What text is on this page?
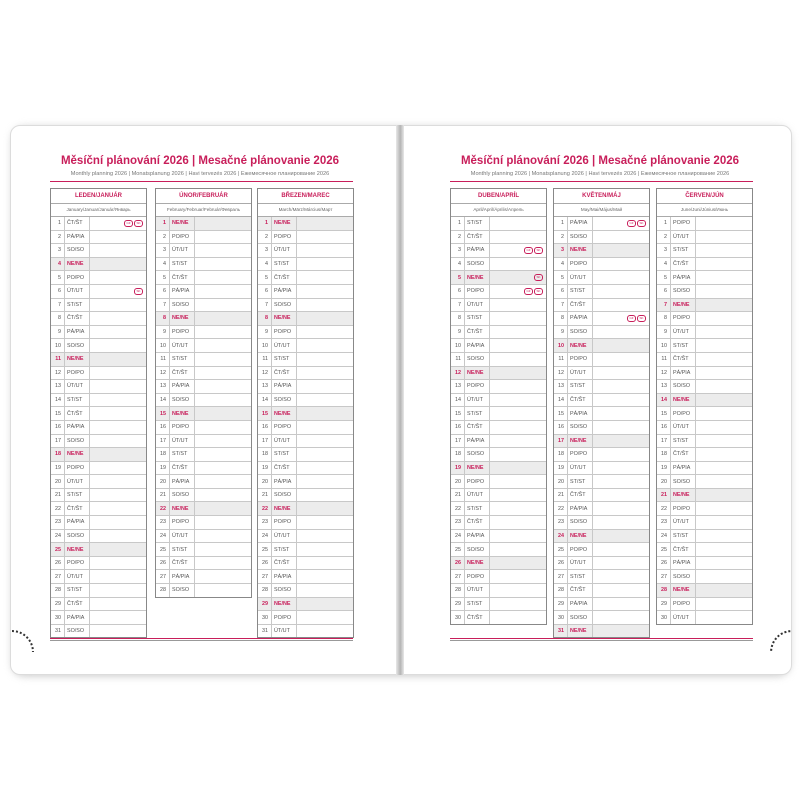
Měsíční plánování 2026 | Mesačné plánovanie 2026
Monthly planning 2026 | Monatsplanung 2026 | Havi tervezés 2026 | Ежемесячное планирование 2026
Měsíční plánování 2026 | Mesačné plánovanie 2026
Monthly planning 2026 | Monatsplanung 2026 | Havi tervezés 2026 | Ежемесячное планирование 2026
LEDEN/JANUÁR
January/Januar/Január/Январь
1	ČT/ŠT	CZ	SK
2	PÁ/PIA
3	SO/SO
4	NE/NE
5	PO/PO
6	ÚT/UT	SK
7	ST/ST
8	ČT/ŠT
9	PÁ/PIA
10	SO/SO
11	NE/NE
12	PO/PO
13	ÚT/UT
14	ST/ST
15	ČT/ŠT
16	PÁ/PIA
17	SO/SO
18	NE/NE
19	PO/PO
20	ÚT/UT
21	ST/ST
22	ČT/ŠT
23	PÁ/PIA
24	SO/SO
25	NE/NE
26	PO/PO
27	ÚT/UT
28	ST/ST
29	ČT/ŠT
30	PÁ/PIA
31	SO/SO
ÚNOR/FEBRUÁR
February/Februar/Február/Февраль
1	NE/NE
2	PO/PO
3	ÚT/UT
4	ST/ST
5	ČT/ŠT
6	PÁ/PIA
7	SO/SO
8	NE/NE
9	PO/PO
10	ÚT/UT
11	ST/ST
12	ČT/ŠT
13	PÁ/PIA
14	SO/SO
15	NE/NE
16	PO/PO
17	ÚT/UT
18	ST/ST
19	ČT/ŠT
20	PÁ/PIA
21	SO/SO
22	NE/NE
23	PO/PO
24	ÚT/UT
25	ST/ST
26	ČT/ŠT
27	PÁ/PIA
28	SO/SO
BŘEZEN/MAREC
March/März/Március/Март
1	NE/NE
2	PO/PO
3	ÚT/UT
4	ST/ST
5	ČT/ŠT
6	PÁ/PIA
7	SO/SO
8	NE/NE
9	PO/PO
10	ÚT/UT
11	ST/ST
12	ČT/ŠT
13	PÁ/PIA
14	SO/SO
15	NE/NE
16	PO/PO
17	ÚT/UT
18	ST/ST
19	ČT/ŠT
20	PÁ/PIA
21	SO/SO
22	NE/NE
23	PO/PO
24	ÚT/UT
25	ST/ST
26	ČT/ŠT
27	PÁ/PIA
28	SO/SO
29	NE/NE
30	PO/PO
31	ÚT/UT
DUBEN/APRÍL
April/April/Április/Апрель
1	ST/ST
2	ČT/ŠT
3	PÁ/PIA	CZ	SK
4	SO/SO
5	NE/NE	SK
6	PO/PO	CZ	SK
7	ÚT/UT
8	ST/ST
9	ČT/ŠT
10	PÁ/PIA
11	SO/SO
12	NE/NE
13	PO/PO
14	ÚT/UT
15	ST/ST
16	ČT/ŠT
17	PÁ/PIA
18	SO/SO
19	NE/NE
20	PO/PO
21	ÚT/UT
22	ST/ST
23	ČT/ŠT
24	PÁ/PIA
25	SO/SO
26	NE/NE
27	PO/PO
28	ÚT/UT
29	ST/ST
30	ČT/ŠT
KVĚTEN/MÁJ
May/Mai/Május/Май
1	PÁ/PIA	CZ	SK
2	SO/SO
3	NE/NE
4	PO/PO
5	ÚT/UT
6	ST/ST
7	ČT/ŠT
8	PÁ/PIA	CZ	SK
9	SO/SO
10	NE/NE
11	PO/PO
12	ÚT/UT
13	ST/ST
14	ČT/ŠT
15	PÁ/PIA
16	SO/SO
17	NE/NE
18	PO/PO
19	ÚT/UT
20	ST/ST
21	ČT/ŠT
22	PÁ/PIA
23	SO/SO
24	NE/NE
25	PO/PO
26	ÚT/UT
27	ST/ST
28	ČT/ŠT
29	PÁ/PIA
30	SO/SO
31	NE/NE
ČERVEN/JÚN
June/Juni/Június/Июнь
1	PO/PO
2	ÚT/UT
3	ST/ST
4	ČT/ŠT
5	PÁ/PIA
6	SO/SO
7	NE/NE
8	PO/PO
9	ÚT/UT
10	ST/ST
11	ČT/ŠT
12	PÁ/PIA
13	SO/SO
14	NE/NE
15	PO/PO
16	ÚT/UT
17	ST/ST
18	ČT/ŠT
19	PÁ/PIA
20	SO/SO
21	NE/NE
22	PO/PO
23	ÚT/UT
24	ST/ST
25	ČT/ŠT
26	PÁ/PIA
27	SO/SO
28	NE/NE
29	PO/PO
30	ÚT/UT
